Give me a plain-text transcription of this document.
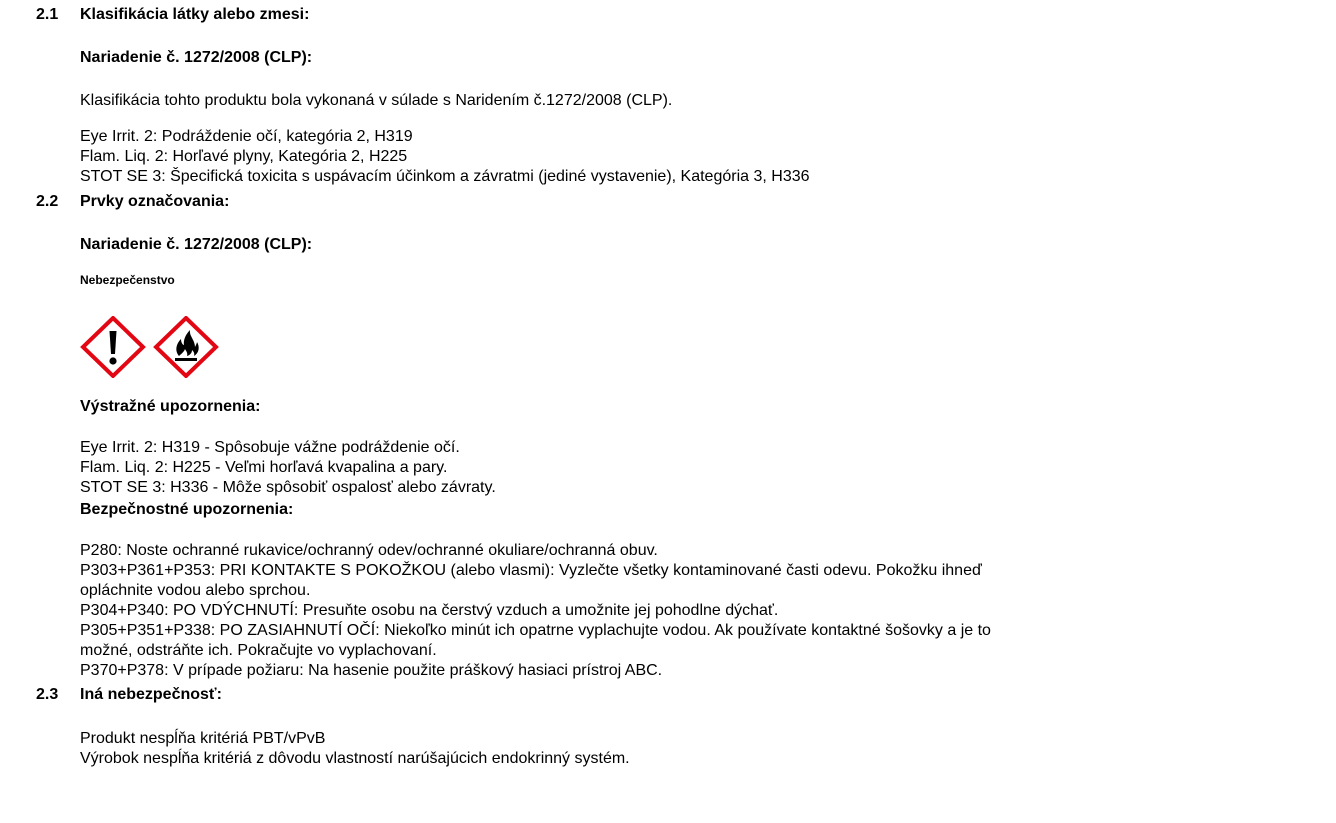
2.1 Klasifikácia látky alebo zmesi:
Nariadenie č. 1272/2008 (CLP):
Klasifikácia tohto produktu bola vykonaná v súlade s Naridením č.1272/2008 (CLP).
Eye Irrit. 2: Podráždenie očí, kategória 2, H319
Flam. Liq. 2: Horľavé plyny, Kategória 2, H225
STOT SE 3: Špecifická toxicita s uspávacím účinkom a závratmi (jediné vystavenie), Kategória 3, H336
2.2 Prvky označovania:
Nariadenie č. 1272/2008 (CLP):
Nebezpečenstvo
Výstražné upozornenia:
Eye Irrit. 2: H319 - Spôsobuje vážne podráždenie očí.
Flam. Liq. 2: H225 - Veľmi horľavá kvapalina a pary.
STOT SE 3: H336 - Môže spôsobiť ospalosť alebo závraty.
Bezpečnostné upozornenia:
P280: Noste ochranné rukavice/ochranný odev/ochranné okuliare/ochranná obuv.
P303+P361+P353: PRI KONTAKTE S POKOŽKOU (alebo vlasmi): Vyzlečte všetky kontaminované časti odevu. Pokožku ihneď
opláchnite vodou alebo sprchou.
P304+P340: PO VDÝCHNUTÍ: Presuňte osobu na čerstvý vzduch a umožnite jej pohodlne dýchať.
P305+P351+P338: PO ZASIAHNUTÍ OČÍ: Niekoľko minút ich opatrne vyplachujte vodou. Ak používate kontaktné šošovky a je to
možné, odstráňte ich. Pokračujte vo vyplachovaní.
P370+P378: V prípade požiaru: Na hasenie použite práškový hasiaci prístroj ABC.
2.3 Iná nebezpečnosť:
Produkt nespĺňa kritériá PBT/vPvB
Výrobok nespĺňa kritériá z dôvodu vlastností narúšajúcich endokrinný systém.
